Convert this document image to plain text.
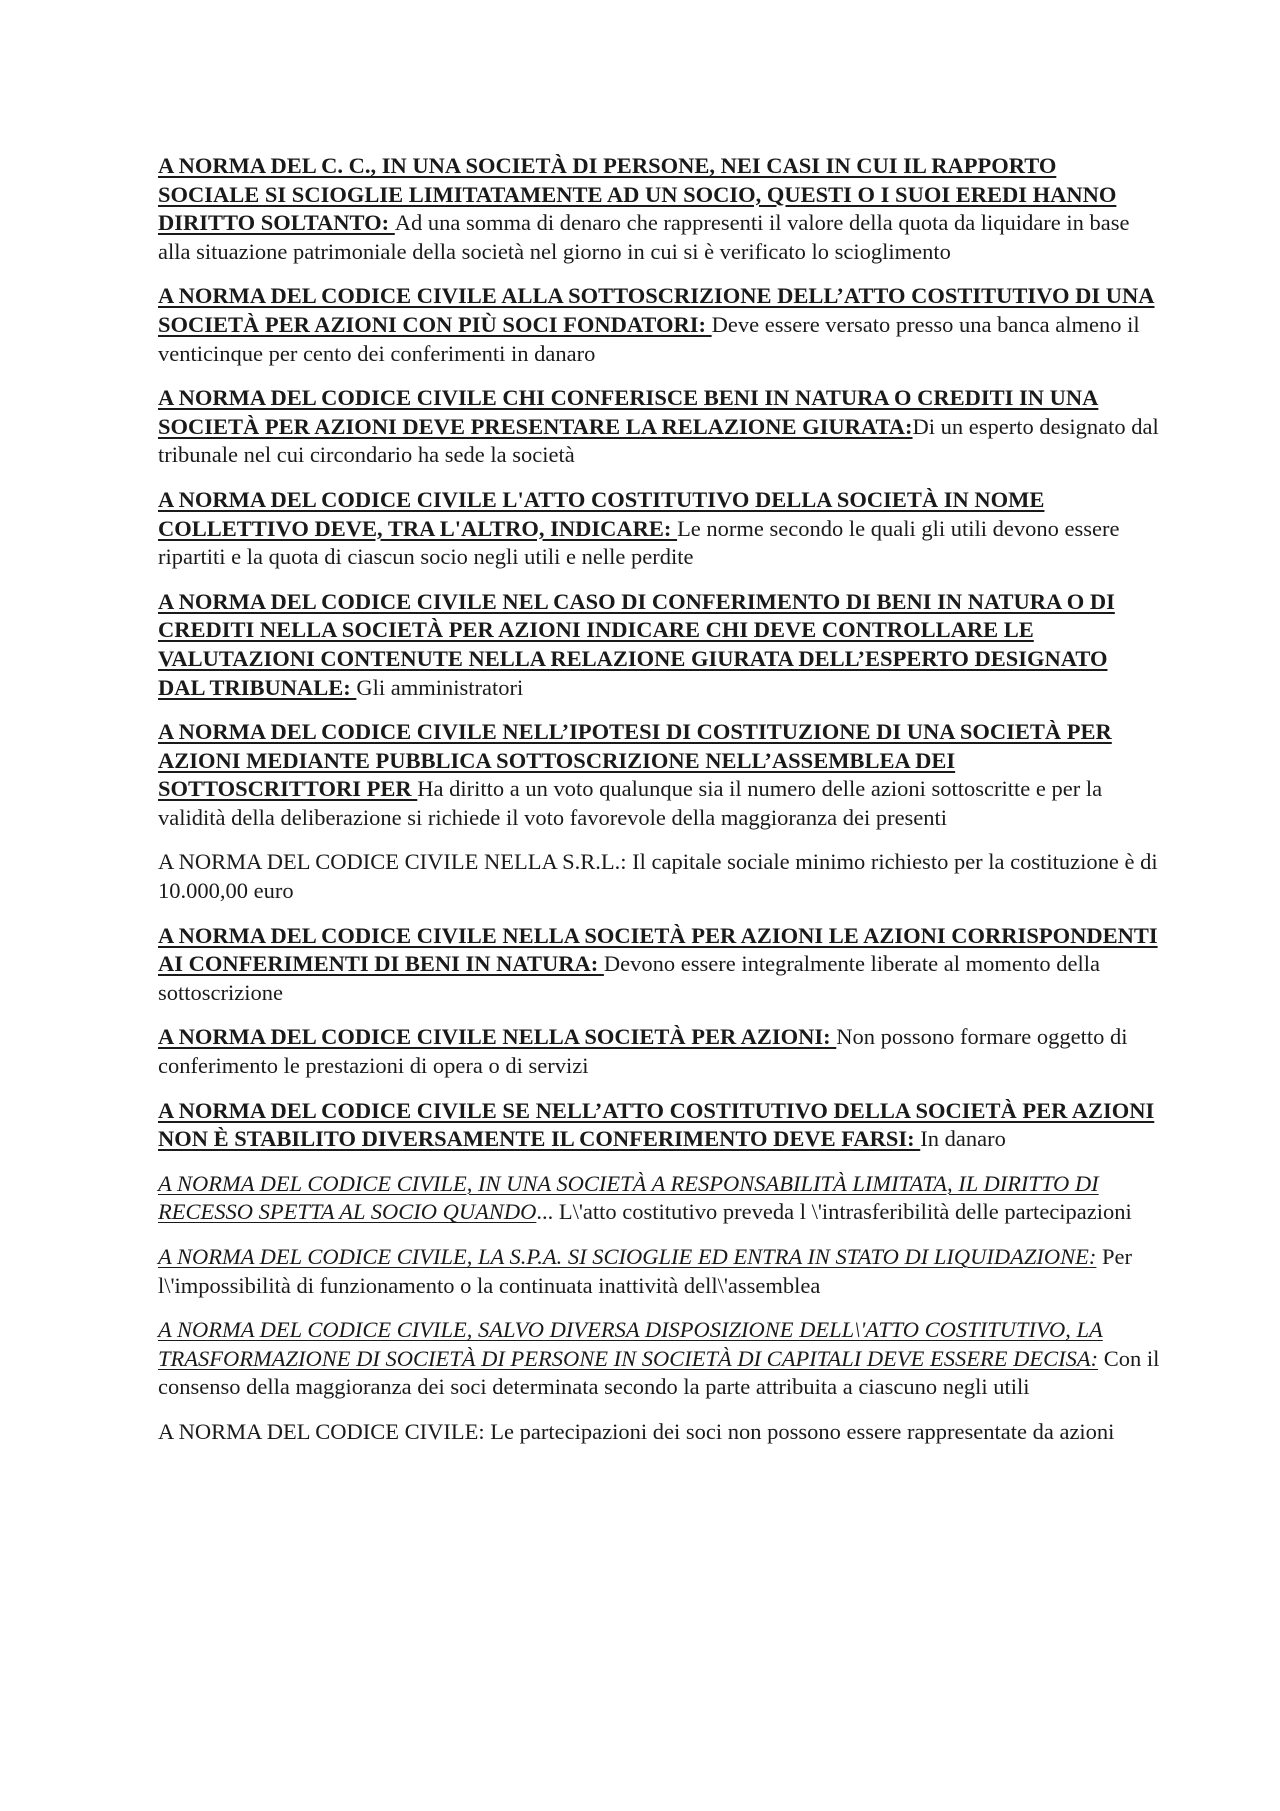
A NORMA DEL C. C., IN UNA SOCIETÀ DI PERSONE, NEI CASI IN CUI IL RAPPORTO SOCIALE SI SCIOGLIE LIMITATAMENTE AD UN SOCIO, QUESTI O I SUOI EREDI HANNO DIRITTO SOLTANTO: Ad una somma di denaro che rappresenti il valore della quota da liquidare in base alla situazione patrimoniale della società nel giorno in cui si è verificato lo scioglimento

A NORMA DEL CODICE CIVILE ALLA SOTTOSCRIZIONE DELL’ATTO COSTITUTIVO DI UNA SOCIETÀ PER AZIONI CON PIÙ SOCI FONDATORI: Deve essere versato presso una banca almeno il venticinque per cento dei conferimenti in danaro

A NORMA DEL CODICE CIVILE CHI CONFERISCE BENI IN NATURA O CREDITI IN UNA SOCIETÀ PER AZIONI DEVE PRESENTARE LA RELAZIONE GIURATA:Di un esperto designato dal tribunale nel cui circondario ha sede la società

A NORMA DEL CODICE CIVILE L'ATTO COSTITUTIVO DELLA SOCIETÀ IN NOME COLLETTIVO DEVE, TRA L'ALTRO, INDICARE: Le norme secondo le quali gli utili devono essere ripartiti e la quota di ciascun socio negli utili e nelle perdite

A NORMA DEL CODICE CIVILE NEL CASO DI CONFERIMENTO DI BENI IN NATURA O DI CREDITI NELLA SOCIETÀ PER AZIONI INDICARE CHI DEVE CONTROLLARE LE VALUTAZIONI CONTENUTE NELLA RELAZIONE GIURATA DELL’ESPERTO DESIGNATO DAL TRIBUNALE: Gli amministratori

A NORMA DEL CODICE CIVILE NELL’IPOTESI DI COSTITUZIONE DI UNA SOCIETÀ PER AZIONI MEDIANTE PUBBLICA SOTTOSCRIZIONE NELL’ASSEMBLEA DEI SOTTOSCRITTORI PER Ha diritto a un voto qualunque sia il numero delle azioni sottoscritte e per la validità della deliberazione si richiede il voto favorevole della maggioranza dei presenti

A NORMA DEL CODICE CIVILE NELLA S.R.L.: Il capitale sociale minimo richiesto per la costituzione è di 10.000,00 euro

A NORMA DEL CODICE CIVILE NELLA SOCIETÀ PER AZIONI LE AZIONI CORRISPONDENTI AI CONFERIMENTI DI BENI IN NATURA: Devono essere integralmente liberate al momento della sottoscrizione

A NORMA DEL CODICE CIVILE NELLA SOCIETÀ PER AZIONI: Non possono formare oggetto di conferimento le prestazioni di opera o di servizi

A NORMA DEL CODICE CIVILE SE NELL’ATTO COSTITUTIVO DELLA SOCIETÀ PER AZIONI NON È STABILITO DIVERSAMENTE IL CONFERIMENTO DEVE FARSI: In danaro

A NORMA DEL CODICE CIVILE, IN UNA SOCIETÀ A RESPONSABILITÀ LIMITATA, IL DIRITTO DI RECESSO SPETTA AL SOCIO QUANDO... L\'atto costitutivo preveda l \'intrasferibilità delle partecipazioni

A NORMA DEL CODICE CIVILE, LA S.P.A. SI SCIOGLIE ED ENTRA IN STATO DI LIQUIDAZIONE: Per l\'impossibilità di funzionamento o la continuata inattività dell\'assemblea

A NORMA DEL CODICE CIVILE, SALVO DIVERSA DISPOSIZIONE DELL\'ATTO COSTITUTIVO, LA TRASFORMAZIONE DI SOCIETÀ DI PERSONE IN SOCIETÀ DI CAPITALI DEVE ESSERE DECISA: Con il consenso della maggioranza dei soci determinata secondo la parte attribuita a ciascuno negli utili

A NORMA DEL CODICE CIVILE: Le partecipazioni dei soci non possono essere rappresentate da azioni
